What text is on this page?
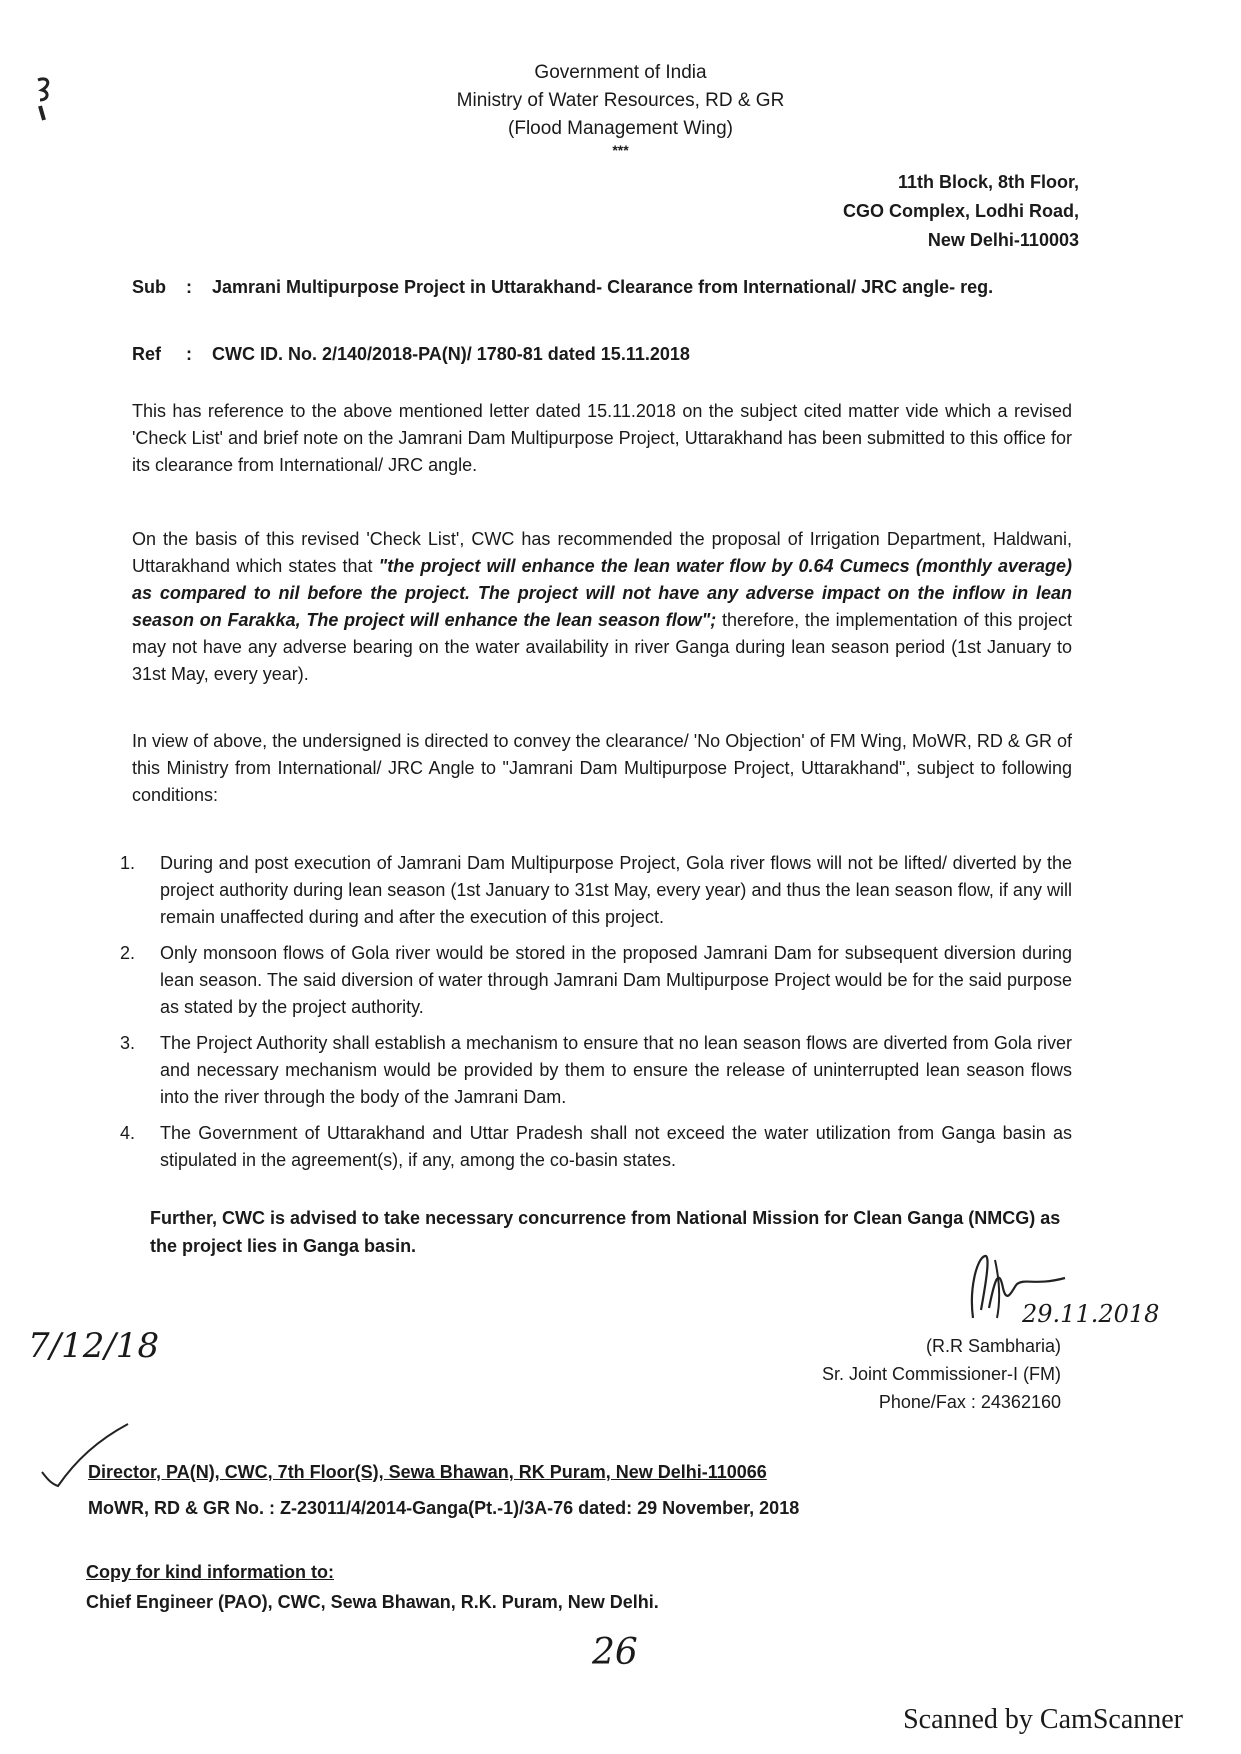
Government of India
Ministry of Water Resources, RD & GR
(Flood Management Wing)
***
11th Block, 8th Floor,
CGO Complex, Lodhi Road,
New Delhi-110003
Sub : Jamrani Multipurpose Project in Uttarakhand- Clearance from International/ JRC angle- reg.
Ref : CWC ID. No. 2/140/2018-PA(N)/ 1780-81 dated 15.11.2018
This has reference to the above mentioned letter dated 15.11.2018 on the subject cited matter vide which a revised 'Check List' and brief note on the Jamrani Dam Multipurpose Project, Uttarakhand has been submitted to this office for its clearance from International/ JRC angle.
On the basis of this revised 'Check List', CWC has recommended the proposal of Irrigation Department, Haldwani, Uttarakhand which states that "the project will enhance the lean water flow by 0.64 Cumecs (monthly average) as compared to nil before the project. The project will not have any adverse impact on the inflow in lean season on Farakka, The project will enhance the lean season flow"; therefore, the implementation of this project may not have any adverse bearing on the water availability in river Ganga during lean season period (1st January to 31st May, every year).
In view of above, the undersigned is directed to convey the clearance/ 'No Objection' of FM Wing, MoWR, RD & GR of this Ministry from International/ JRC Angle to "Jamrani Dam Multipurpose Project, Uttarakhand", subject to following conditions:
1.	During and post execution of Jamrani Dam Multipurpose Project, Gola river flows will not be lifted/ diverted by the project authority during lean season (1st January to 31st May, every year) and thus the lean season flow, if any will remain unaffected during and after the execution of this project.
2.	Only monsoon flows of Gola river would be stored in the proposed Jamrani Dam for subsequent diversion during lean season. The said diversion of water through Jamrani Dam Multipurpose Project would be for the said purpose as stated by the project authority.
3.	The Project Authority shall establish a mechanism to ensure that no lean season flows are diverted from Gola river and necessary mechanism would be provided by them to ensure the release of uninterrupted lean season flows into the river through the body of the Jamrani Dam.
4.	The Government of Uttarakhand and Uttar Pradesh shall not exceed the water utilization from Ganga basin as stipulated in the agreement(s), if any, among the co-basin states.
Further, CWC is advised to take necessary concurrence from National Mission for Clean Ganga (NMCG) as the project lies in Ganga basin.
29.11.2018
(R.R Sambharia)
Sr. Joint Commissioner-I (FM)
Phone/Fax : 24362160
7/12/18
Director, PA(N), CWC, 7th Floor(S), Sewa Bhawan, RK Puram, New Delhi-110066
MoWR, RD & GR No. : Z-23011/4/2014-Ganga(Pt.-1)/3A-76 dated: 29 November, 2018
Copy for kind information to:
Chief Engineer (PAO), CWC, Sewa Bhawan, R.K. Puram, New Delhi.
26
Scanned by CamScanner
